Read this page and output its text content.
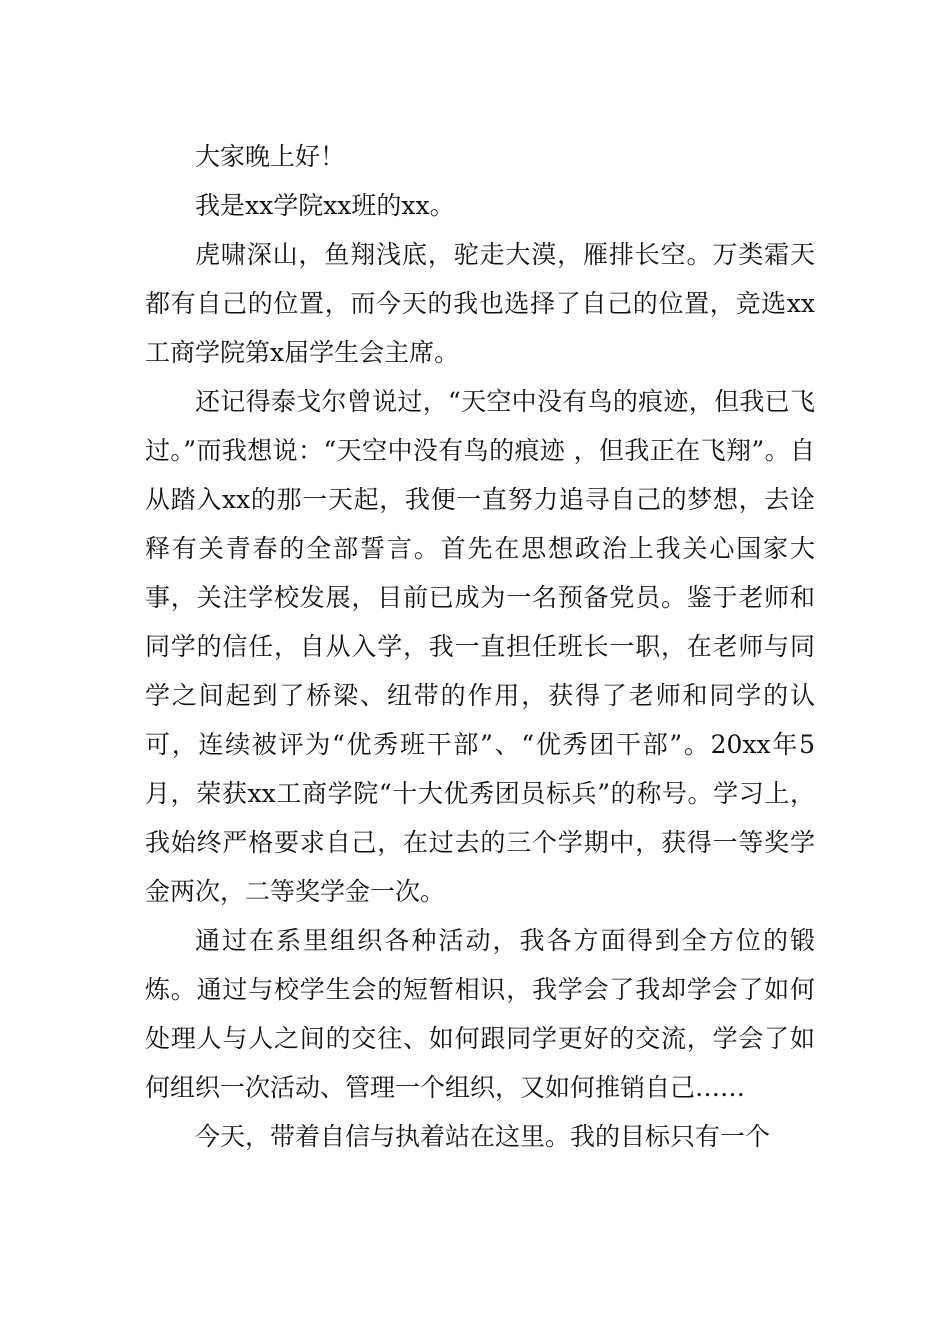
大家晚上好！

我是xx学院xx班的xx。

虎啸深山，鱼翔浅底，驼走大漠，雁排长空。万类霜天都有自己的位置，而今天的我也选择了自己的位置，竞选xx工商学院第x届学生会主席。

还记得泰戈尔曾说过，“天空中没有鸟的痕迹，但我已飞过。”而我想说：“天空中没有鸟的痕迹 ，但我正在飞翔”。自从踏入xx的那一天起，我便一直努力追寻自己的梦想，去诠释有关青春的全部誓言。首先在思想政治上我关心国家大事，关注学校发展，目前已成为一名预备党员。鉴于老师和同学的信任，自从入学，我一直担任班长一职，在老师与同学之间起到了桥梁、纽带的作用，获得了老师和同学的认可，连续被评为“优秀班干部”、“优秀团干部”。20xx年5月，荣获xx工商学院“十大优秀团员标兵”的称号。学习上，我始终严格要求自己，在过去的三个学期中，获得一等奖学金两次，二等奖学金一次。

通过在系里组织各种活动，我各方面得到全方位的锻炼。通过与校学生会的短暂相识，我学会了我却学会了如何处理人与人之间的交往、如何跟同学更好的交流，学会了如何组织一次活动、管理一个组织，又如何推销自己……

今天，带着自信与执着站在这里。我的目标只有一个
